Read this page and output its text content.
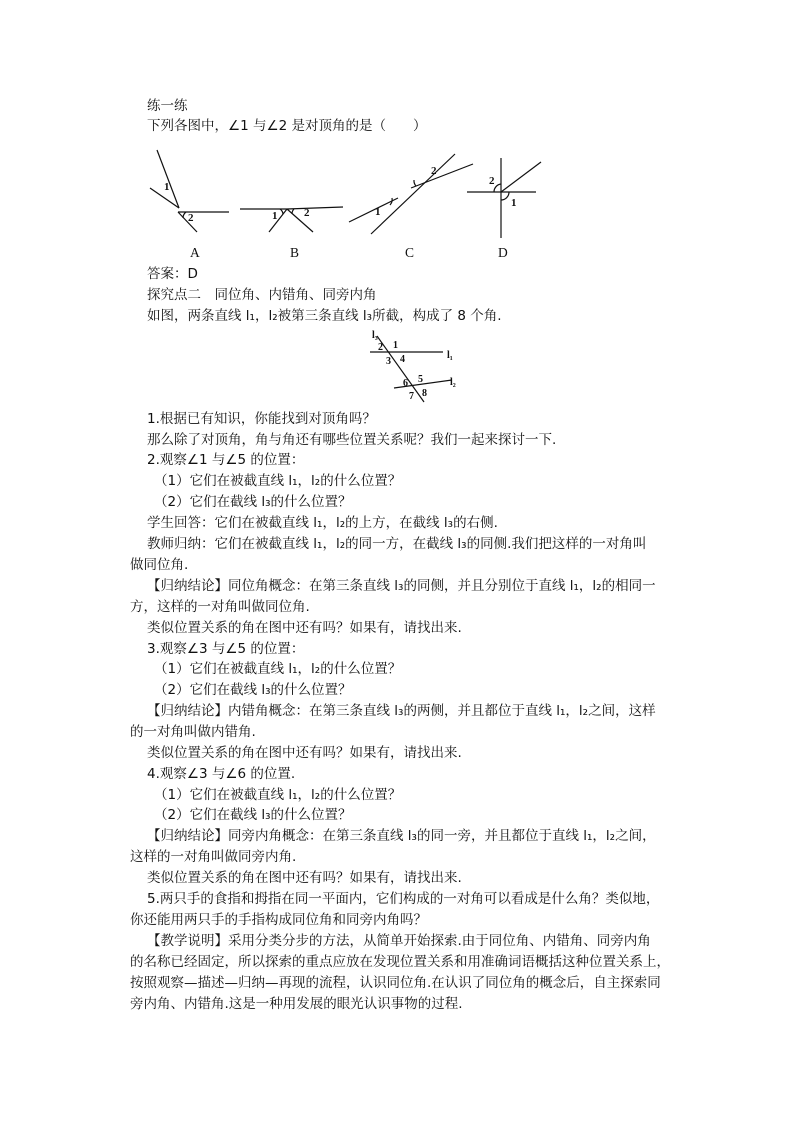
练一练
下列各图中，∠1 与∠2 是对顶角的是（　　）
1
2	1 2	1
2
2
1
A	B	C	D
答案：D
探究点二　同位角、内错角、同旁内角
如图，两条直线 l₁，l₂被第三条直线 l₃所截，构成了 8 个角.
l₃
l₁
l₂
1
2
3 4
5
6
7 8
1.根据已有知识，你能找到对顶角吗？
那么除了对顶角，角与角还有哪些位置关系呢？我们一起来探讨一下.
2.观察∠1 与∠5 的位置：
（1）它们在被截直线 l₁，l₂的什么位置？
（2）它们在截线 l₃的什么位置？
学生回答：它们在被截直线 l₁，l₂的上方，在截线 l₃的右侧.
教师归纳：它们在被截直线 l₁，l₂的同一方，在截线 l₃的同侧.我们把这样的一对角叫
做同位角.
【归纳结论】同位角概念：在第三条直线 l₃的同侧，并且分别位于直线 l₁，l₂的相同一
方，这样的一对角叫做同位角.
类似位置关系的角在图中还有吗？如果有，请找出来.
3.观察∠3 与∠5 的位置：
（1）它们在被截直线 l₁，l₂的什么位置？
（2）它们在截线 l₃的什么位置？
【归纳结论】内错角概念：在第三条直线 l₃的两侧，并且都位于直线 l₁，l₂之间，这样
的一对角叫做内错角.
类似位置关系的角在图中还有吗？如果有，请找出来.
4.观察∠3 与∠6 的位置.
（1）它们在被截直线 l₁，l₂的什么位置？
（2）它们在截线 l₃的什么位置？
【归纳结论】同旁内角概念：在第三条直线 l₃的同一旁，并且都位于直线 l₁，l₂之间，
这样的一对角叫做同旁内角.
类似位置关系的角在图中还有吗？如果有，请找出来.
5.两只手的食指和拇指在同一平面内，它们构成的一对角可以看成是什么角？类似地，
你还能用两只手的手指构成同位角和同旁内角吗？
【教学说明】采用分类分步的方法，从简单开始探索.由于同位角、内错角、同旁内角
的名称已经固定，所以探索的重点应放在发现位置关系和用准确词语概括这种位置关系上，
按照观察—描述—归纳—再现的流程，认识同位角.在认识了同位角的概念后，自主探索同
旁内角、内错角.这是一种用发展的眼光认识事物的过程.
